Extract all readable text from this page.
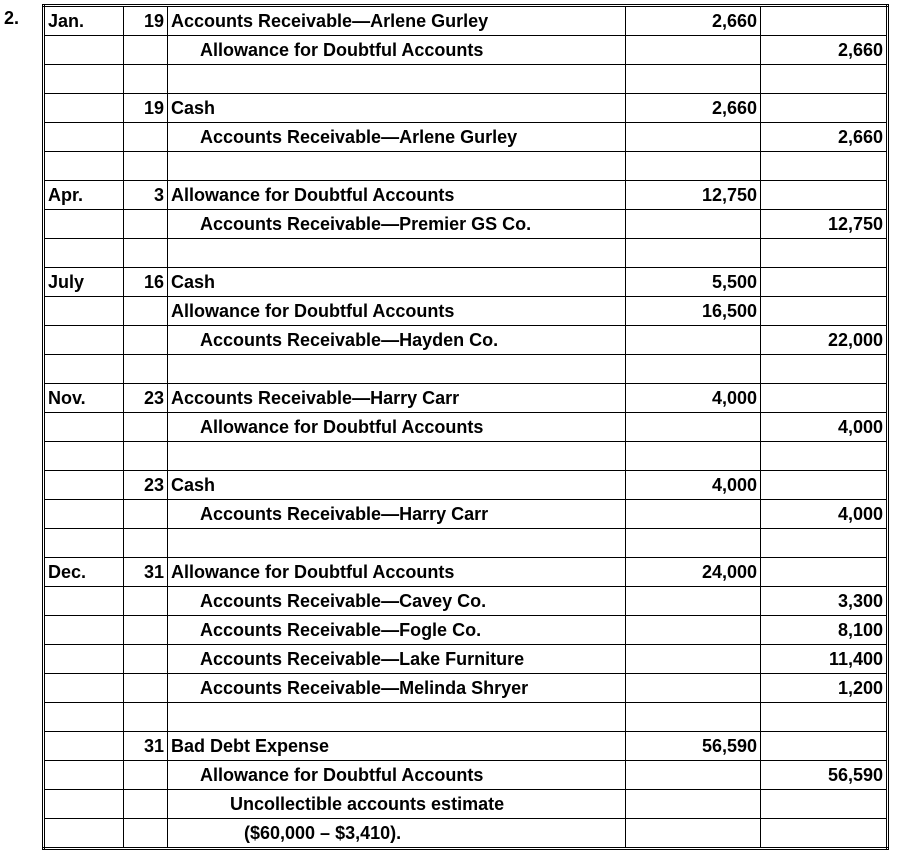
2. Jan.	19	Accounts Receivable—Arlene Gurley	2,660	
		Allowance for Doubtful Accounts		2,660

	19	Cash	2,660	
		Accounts Receivable—Arlene Gurley		2,660

Apr.	3	Allowance for Doubtful Accounts	12,750	
		Accounts Receivable—Premier GS Co.		12,750

July	16	Cash	5,500	
		Allowance for Doubtful Accounts	16,500	
		Accounts Receivable—Hayden Co.		22,000

Nov.	23	Accounts Receivable—Harry Carr	4,000	
		Allowance for Doubtful Accounts		4,000

	23	Cash	4,000	
		Accounts Receivable—Harry Carr		4,000

Dec.	31	Allowance for Doubtful Accounts	24,000	
		Accounts Receivable—Cavey Co.		3,300
		Accounts Receivable—Fogle Co.		8,100
		Accounts Receivable—Lake Furniture		11,400
		Accounts Receivable—Melinda Shryer		1,200

	31	Bad Debt Expense	56,590	
		Allowance for Doubtful Accounts		56,590
		Uncollectible accounts estimate		
		($60,000 – $3,410).		
